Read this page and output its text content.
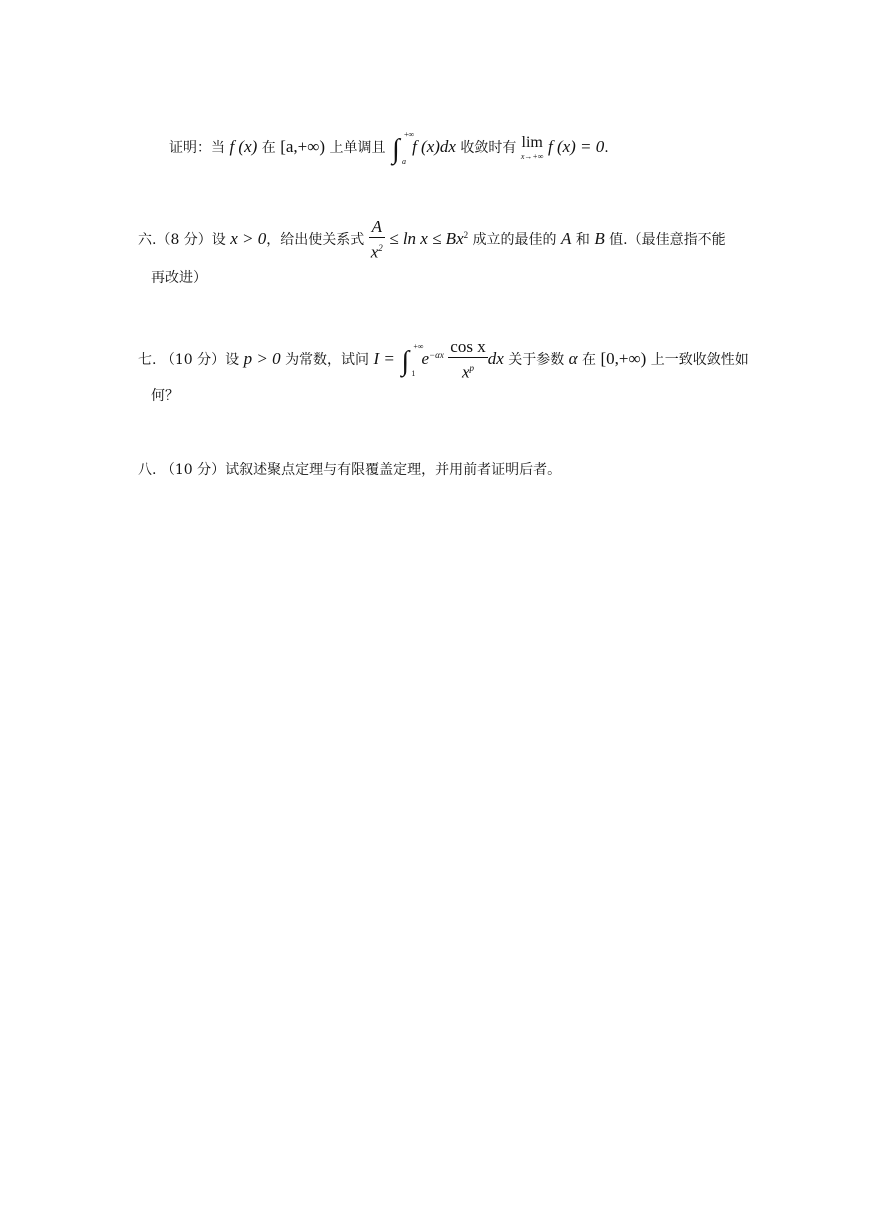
证明：当 f (x) 在 [a,+∞) 上单调且 ∫ +∞
a
f (x)dx 收敛时有 lim
x→+∞
f (x) = 0.
六.（8 分）设 x > 0，给出使关系式 $\frac{A}{x^2} \le \ln x \le Bx^2$ 成立的最佳的 A 和 B 值.（最佳意指不能
再改进）
七. （10 分）设 p > 0 为常数，试问 I = ∫ +∞
1
$e^{-\alpha x} \frac{\text{cos x}}{x^p}$ dx 关于参数 α 在 [0,+∞) 上一致收敛性如
何？
八. （10 分）试叙述聚点定理与有限覆盖定理，并用前者证明后者。
